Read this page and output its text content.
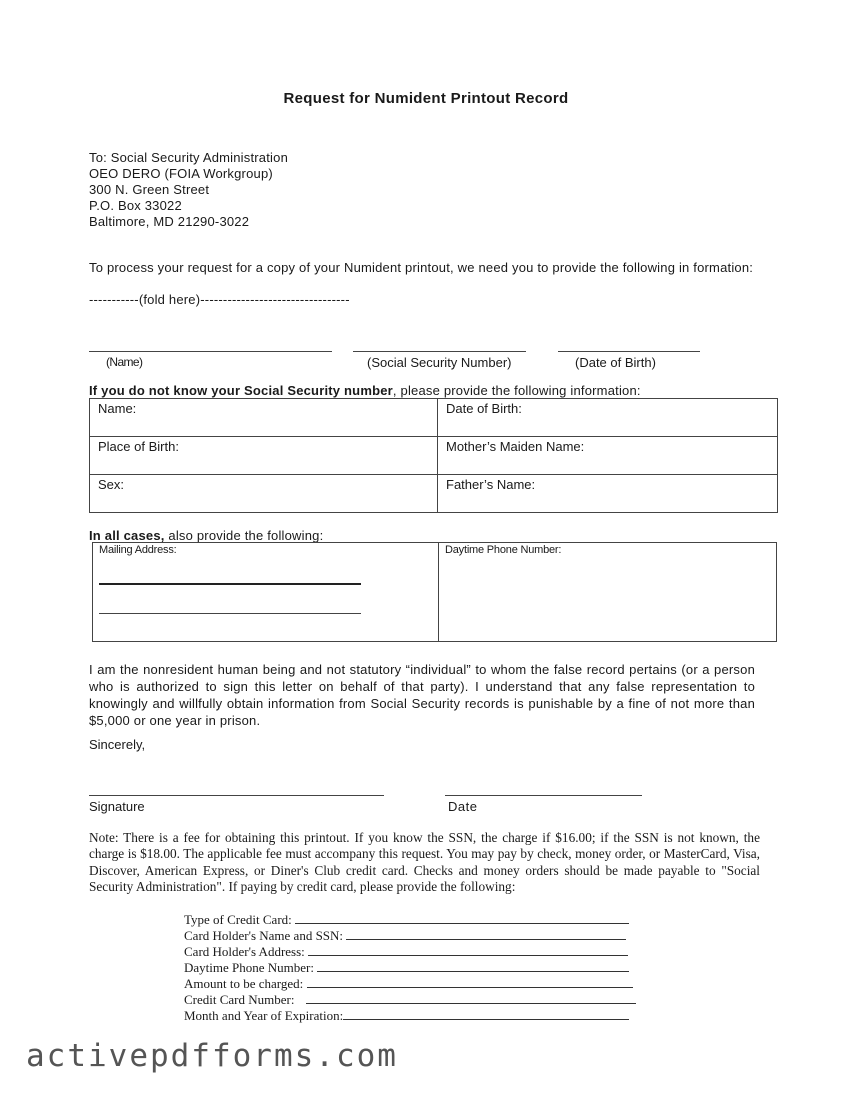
Request for Numident Printout Record
To: Social Security Administration
OEO DERO (FOIA Workgroup)
300 N. Green Street
P.O. Box 33022
Baltimore, MD 21290-3022
To process your request for a copy of your Numident printout, we need you to provide the following in formation:
-----------(fold here)---------------------------------
(Name)	(Social Security Number)	(Date of Birth)
If you do not know your Social Security number, please provide the following information:
Name:	Date of Birth:
Place of Birth:	Mother’s Maiden Name:
Sex:	Father’s Name:
In all cases, also provide the following:
Mailing Address:	Daytime Phone Number:
I am the nonresident human being and not statutory “individual” to whom the false record pertains (or a person who is authorized to sign this letter on behalf of that party). I understand that any false representation to knowingly and willfully obtain information from Social Security records is punishable by a fine of not more than $5,000 or one year in prison.
Sincerely,
Signature	Date
Note: There is a fee for obtaining this printout. If you know the SSN, the charge if $16.00; if the SSN is not known, the charge is $18.00. The applicable fee must accompany this request. You may pay by check, money order, or MasterCard, Visa, Discover, American Express, or Diner's Club credit card. Checks and money orders should be made payable to "Social Security Administration". If paying by credit card, please provide the following:
Type of Credit Card:
Card Holder's Name and SSN:
Card Holder's Address:
Daytime Phone Number:
Amount to be charged:
Credit Card Number:
Month and Year of Expiration:
activepdfforms.com
